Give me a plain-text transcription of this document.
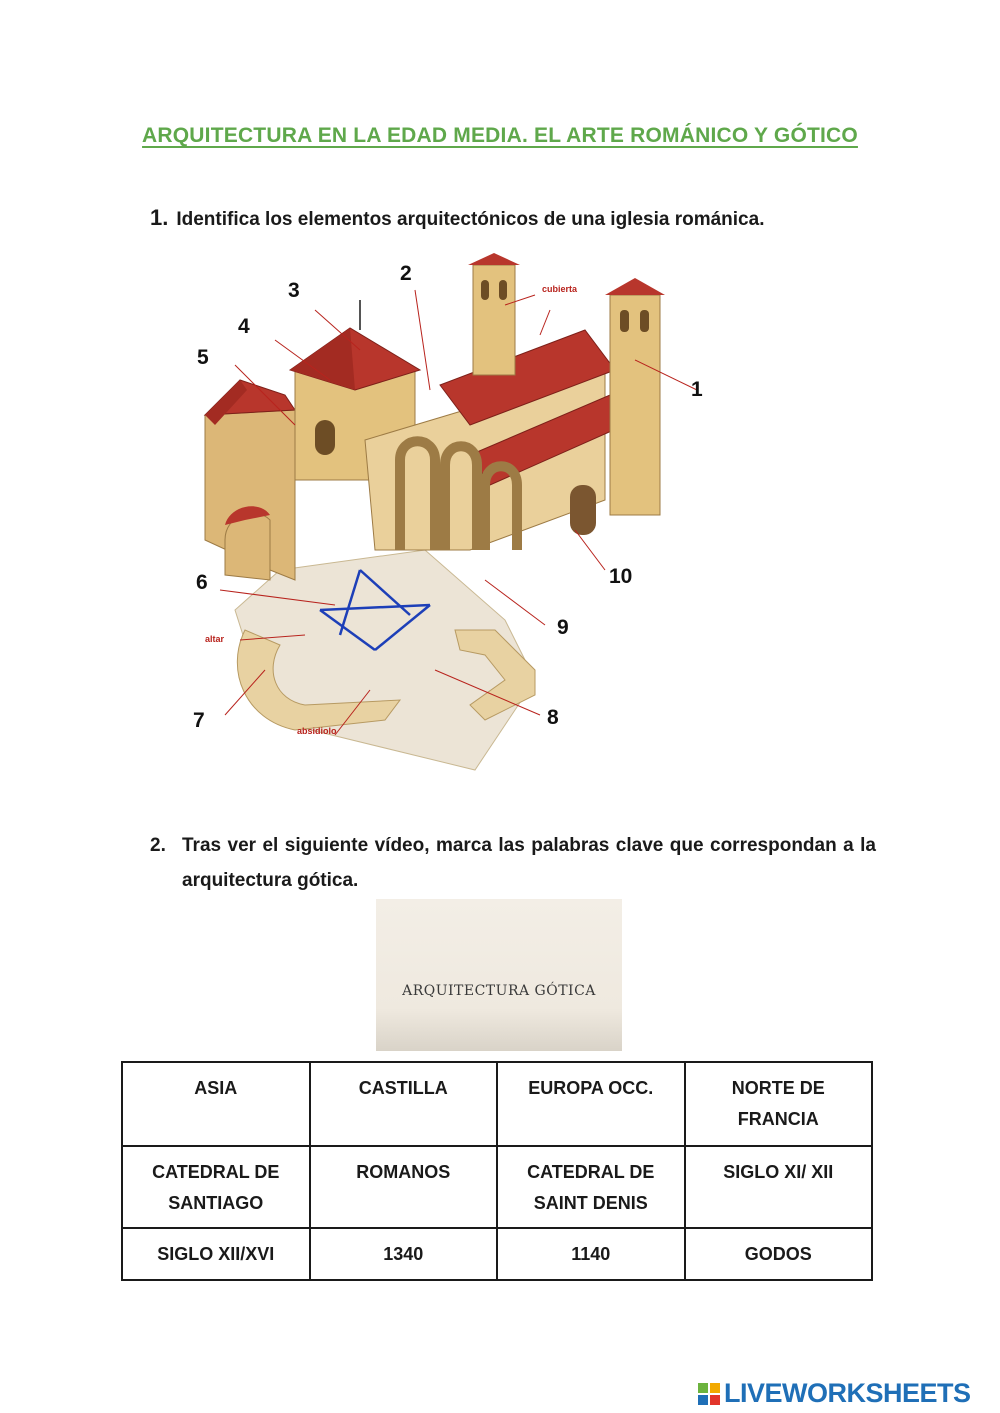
ARQUITECTURA EN LA EDAD MEDIA. EL ARTE ROMÁNICO Y GÓTICO
1. Identifica los elementos arquitectónicos de una iglesia románica.
1
2
3
4
5
6
7	8
9
10
cubierta
altar
absidiolo
2. Tras ver el siguiente vídeo, marca las palabras clave que correspondan a la arquitectura gótica.
ARQUITECTURA GÓTICA
ASIA	CASTILLA	EUROPA OCC.	NORTE DE FRANCIA
CATEDRAL DE SANTIAGO	ROMANOS	CATEDRAL DE SAINT DENIS	SIGLO XI/ XII
SIGLO XII/XVI	1340	1140	GODOS
LIVEWORKSHEETS
